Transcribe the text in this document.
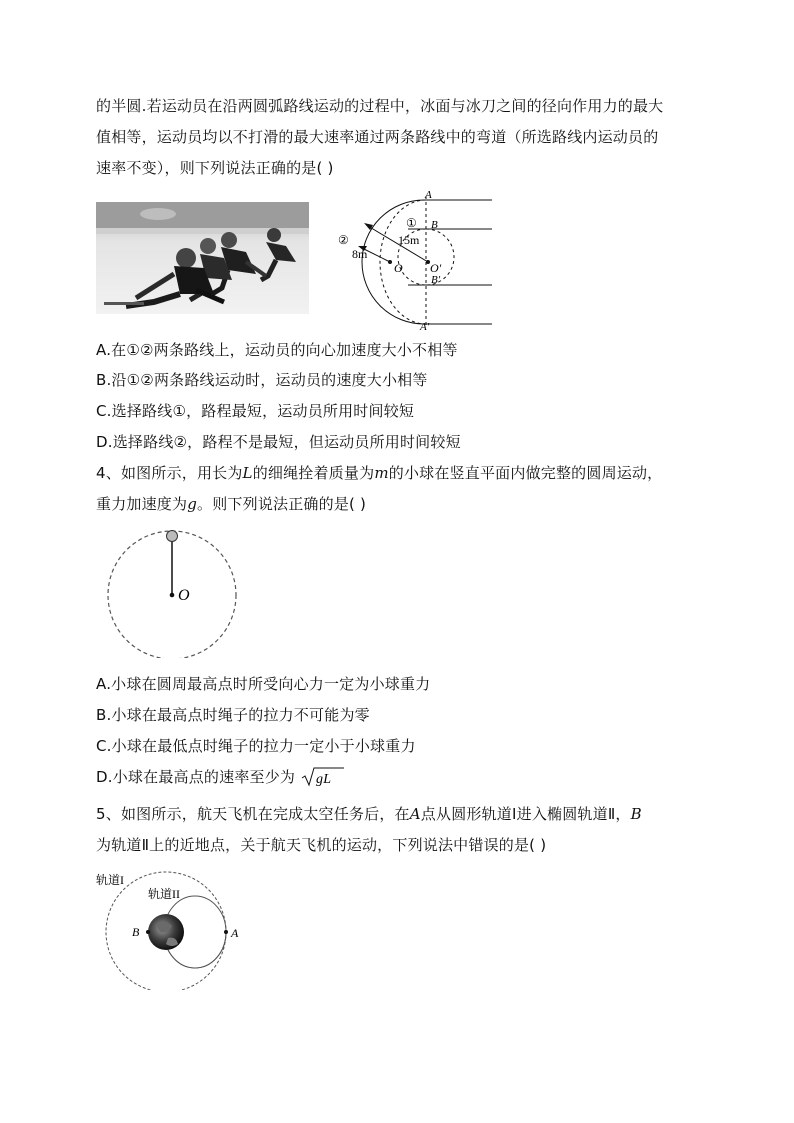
的半圆.若运动员在沿两圆弧路线运动的过程中，冰面与冰刀之间的径向作用力的最大
值相等，运动员均以不打滑的最大速率通过两条路线中的弯道（所选路线内运动员的
速率不变），则下列说法正确的是( )
A
B
B′
A′
O O′
15m
8m
①
②
A.在①②两条路线上，运动员的向心加速度大小不相等
B.沿①②两条路线运动时，运动员的速度大小相等
C.选择路线①，路程最短，运动员所用时间较短
D.选择路线②，路程不是最短，但运动员所用时间较短
4、如图所示，用长为L的细绳拴着质量为m的小球在竖直平面内做完整的圆周运动，
重力加速度为g。则下列说法正确的是( )
O
A.小球在圆周最高点时所受向心力一定为小球重力
B.小球在最高点时绳子的拉力不可能为零
C.小球在最低点时绳子的拉力一定小于小球重力
D.小球在最高点的速率至少为 gL
5、如图所示，航天飞机在完成太空任务后，在A点从圆形轨道Ⅰ进入椭圆轨道Ⅱ，B
为轨道Ⅱ上的近地点，关于航天飞机的运动，下列说法中错误的是( )
轨道I
轨道II
B	A
